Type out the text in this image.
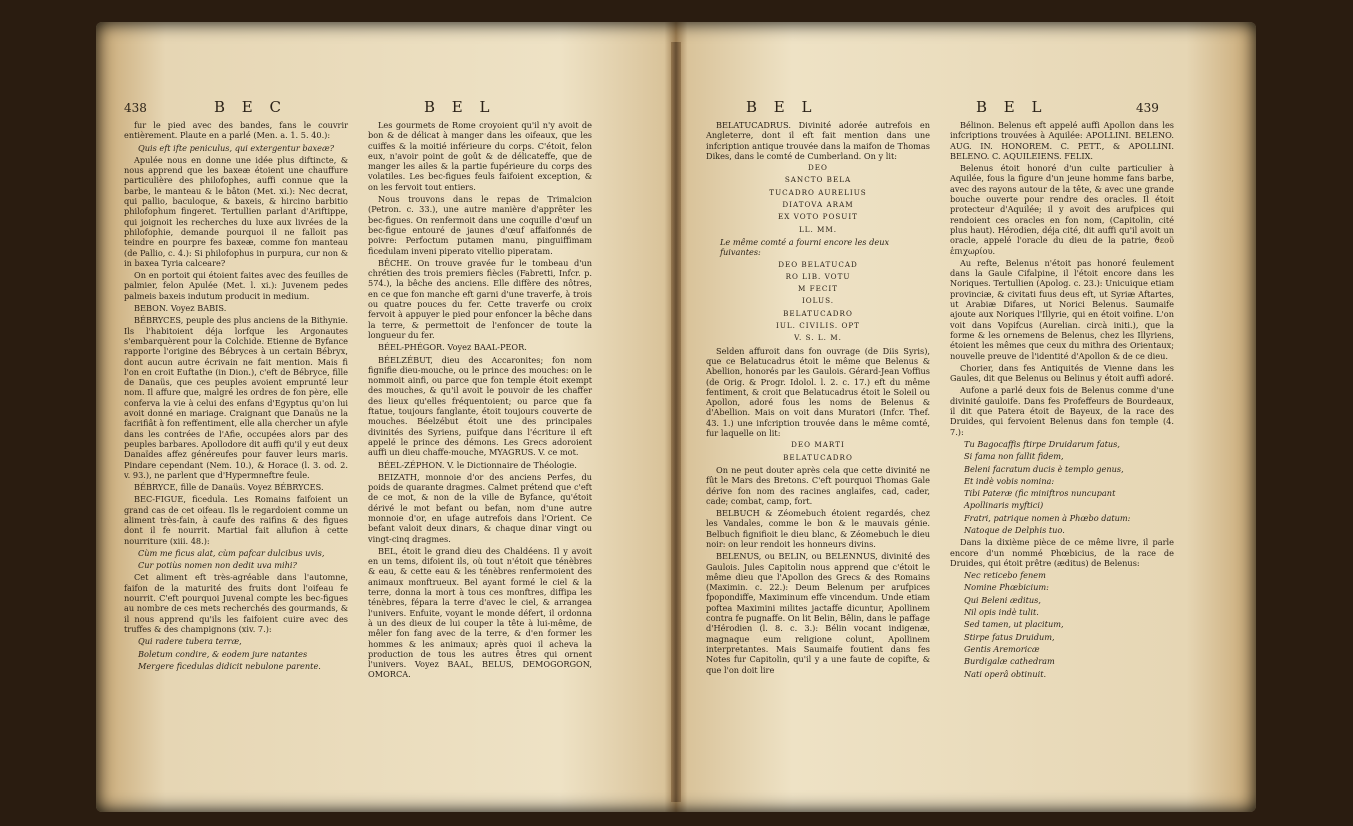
438	B E C	B E L

fur le pied avec des bandes, fans le couvrir entièrement. Plaute en a parlé (Men. a. 1. 5. 40.):

Quis eft ifte peniculus, qui extergentur baxeæ?

Apulée nous en donne une idée plus diftincte, & nous apprend que les baxeæ étoient une chauffure particulière des philofophes, auffi connue que la barbe, le manteau & le bâton (Met. xi.): Nec decrat, qui pallio, baculoque, & baxeis, & hircino barbitio philofophum fingeret. Tertullien parlant d'Ariftippe, qui joignoit les recherches du luxe aux livrées de la philofophie, demande pourquoi il ne falloit pas teindre en pourpre fes baxeæ, comme fon manteau (de Pallio, c. 4.): Si philofophus in purpura, cur non & in baxea Tyria calceare?

On en portoit qui étoient faites avec des feuilles de palmier, felon Apulée (Met. l. xi.): Juvenem pedes palmeis baxeis indutum producit in medium.

BEBON. Voyez BABIS.

BÉBRYCES, peuple des plus anciens de la Bithynie. Ils l'habitoient déja lorfque les Argonautes s'embarquèrent pour la Colchide. Etienne de Byfance rapporte l'origine des Bébryces à un certain Bébryx, dont aucun autre écrivain ne fait mention. Mais fi l'on en croit Euftathe (in Dion.), c'eft de Bébryce, fille de Danaüs, que ces peuples avoient emprunté leur nom. Il affure que, malgré les ordres de fon père, elle conferva la vie à celui des enfans d'Egyptus qu'on lui avoit donné en mariage. Craignant que Danaüs ne la facrifiât à fon reffentiment, elle alla chercher un afyle dans les contrées de l'Afie, occupées alors par des peuples barbares. Apollodore dit auffi qu'il y eut deux Danaïdes affez généreufes pour fauver leurs maris. Pindare cependant (Nem. 10.), & Horace (l. 3. od. 2. v. 93.), ne parlent que d'Hypermneftre feule.

BÉBRYCE, fille de Danaüs. Voyez BÉBRYCES.

BEC-FIGUE, ficedula. Les Romains faifoient un grand cas de cet oifeau. Ils le regardoient comme un aliment très-fain, à caufe des raifins & des figues dont il fe nourrit. Martial fait allufion à cette nourriture (xiii. 48.):

Cùm me ficus alat, cùm pafcar dulcibus uvis,

Cur potiùs nomen non dedit uva mihi?

Cet aliment eft très-agréable dans l'automne, faifon de la maturité des fruits dont l'oifeau fe nourrit. C'eft pourquoi Juvenal compte les bec-figues au nombre de ces mets recherchés des gourmands, & il nous apprend qu'ils les faifoient cuire avec des truffes & des champignons (xiv. 7.):

Qui radere tubera terræ,

Boletum condire, & eodem jure natantes

Mergere ficedulas didicit nebulone parente.

Les gourmets de Rome croyoient qu'il n'y avoit de bon & de délicat à manger dans les oifeaux, que les cuiffes & la moitié inférieure du corps. C'étoit, felon eux, n'avoir point de goût & de délicateffe, que de manger les ailes & la partie fupérieure du corps des volatiles. Les bec-figues feuls faifoient exception, & on les fervoit tout entiers.

Nous trouvons dans le repas de Trimalcion (Petron. c. 33.), une autre manière d'apprêter les bec-figues. On renfermoit dans une coquille d'œuf un bec-figue entouré de jaunes d'œuf affaifonnés de poivre: Perfoctum putamen manu, pinguiffimam ficedulam inveni piperato vitellio piperatam.

BÊCHE. On trouve gravée fur le tombeau d'un chrétien des trois premiers fiècles (Fabretti, Infcr. p. 574.), la bêche des anciens. Elle diffère des nôtres, en ce que fon manche eft garni d'une traverfe, à trois ou quatre pouces du fer. Cette traverfe ou croix fervoit à appuyer le pied pour enfoncer la bêche dans la terre, & permettoit de l'enfoncer de toute la longueur du fer.

BÉEL-PHÉGOR. Voyez BAAL-PEOR.

BÉELZÉBUT, dieu des Accaronites; fon nom fignifie dieu-mouche, ou le prince des mouches: on le nommoit ainfi, ou parce que fon temple étoit exempt des mouches, & qu'il avoit le pouvoir de les chaffer des lieux qu'elles fréquentoient; ou parce que fa ftatue, toujours fanglante, étoit toujours couverte de mouches. Béelzébut étoit une des principales divinités des Syriens, puifque dans l'écriture il eft appelé le prince des démons. Les Grecs adoroient auffi un dieu chaffe-mouche, MYAGRUS. V. ce mot.

BÉEL-ZÉPHON. V. le Dictionnaire de Théologie.

BEIZATH, monnoie d'or des anciens Perfes, du poids de quarante dragmes. Calmet prétend que c'eft de ce mot, & non de la ville de Byfance, qu'étoit dérivé le mot befant ou befan, nom d'une autre monnoie d'or, en ufage autrefois dans l'Orient. Ce befant valoit deux dinars, & chaque dinar vingt ou vingt-cinq dragmes.

BEL, étoit le grand dieu des Chaldéens. Il y avoit en un tems, difoient ils, où tout n'étoit que ténèbres & eau, & cette eau & les ténèbres renfermoient des animaux monftrueux. Bel ayant formé le ciel & la terre, donna la mort à tous ces monftres, diffipa les ténèbres, fépara la terre d'avec le ciel, & arrangea l'univers. Enfuite, voyant le monde défert, il ordonna à un des dieux de lui couper la tête à lui-même, de mêler fon fang avec de la terre, & d'en former les hommes & les animaux; après quoi il acheva la production de tous les autres êtres qui ornent l'univers. Voyez BAAL, BELUS, DEMOGORGON, OMORCA.

B E L	B E L	439

BELATUCADRUS. Divinité adorée autrefois en Angleterre, dont il eft fait mention dans une infcription antique trouvée dans la maifon de Thomas Dikes, dans le comté de Cumberland. On y lit:

DEO

SANCTO BELA

TUCADRO AURELIUS

DIATOVA ARAM

EX VOTO POSUIT

LL. MM.

Le même comté a fourni encore les deux fuivantes:

DEO BELATUCAD

RO LIB. VOTU

M FECIT

IOLUS.

BELATUCADRO

IUL. CIVILIS. OPT

V. S. L. M.

Selden affuroit dans fon ouvrage (de Diis Syris), que ce Belatucadrus étoit le même que Belenus & Abellion, honorés par les Gaulois. Gérard-Jean Voffius (de Orig. & Progr. Idolol. l. 2. c. 17.) eft du même fentiment, & croit que Belatucadrus étoit le Soleil ou Apollon, adoré fous les noms de Belenus & d'Abellion. Mais on voit dans Muratori (Infcr. Thef. 43. 1.) une infcription trouvée dans le même comté, fur laquelle on lit:

DEO MARTI

BELATUCADRO

On ne peut douter après cela que cette divinité ne fût le Mars des Bretons. C'eft pourquoi Thomas Gale dérive fon nom des racines anglaifes, cad, cader, cade; combat, camp, fort.

BELBUCH & Zéomebuch étoient regardés, chez les Vandales, comme le bon & le mauvais génie. Belbuch fignifioit le dieu blanc, & Zéomebuch le dieu noir: on leur rendoit les honneurs divins.

BELENUS, ou BELIN, ou BELENNUS, divinité des Gaulois. Jules Capitolin nous apprend que c'étoit le même dieu que l'Apollon des Grecs & des Romains (Maximin. c. 22.): Deum Belenum per arufpices fpopondiffe, Maximinum effe vincendum. Unde etiam poftea Maximini milites jactaffe dicuntur, Apollinem contra fe pugnaffe. On lit Belin, Bêlin, dans le paffage d'Hérodien (l. 8. c. 3.): Bélin vocant indigenæ, magnaque eum religione colunt, Apollinem interpretantes. Mais Saumaife foutient dans fes Notes fur Capitolin, qu'il y a une faute de copifte, & que l'on doit lire

Bélinon. Belenus eft appelé auffi Apollon dans les infcriptions trouvées à Aquilée: APOLLINI. BELENO. AUG. IN. HONOREM. C. PETT., & APOLLINI. BELENO. C. AQUILEIENS. FELIX.

Belenus étoit honoré d'un culte particulier à Aquilée, fous la figure d'un jeune homme fans barbe, avec des rayons autour de la tête, & avec une grande bouche ouverte pour rendre des oracles. Il étoit protecteur d'Aquilée; il y avoit des arufpices qui rendoient ces oracles en fon nom, (Capitolin, cité plus haut). Hérodien, déja cité, dit auffi qu'il avoit un oracle, appelé l'oracle du dieu de la patrie, ϑεοῦ ἐπιχωρίου.

Au refte, Belenus n'étoit pas honoré feulement dans la Gaule Cifalpine, il l'étoit encore dans les Noriques. Tertullien (Apolog. c. 23.): Unicuique etiam provinciæ, & civitati fuus deus eft, ut Syriæ Aftartes, ut Arabiæ Difares, ut Norici Belenus. Saumaife ajoute aux Noriques l'Illyrie, qui en étoit voifine. L'on voit dans Vopifcus (Aurelian. circà initi.), que la forme & les ornemens de Belenus, chez les Illyriens, étoient les mêmes que ceux du mithra des Orientaux; nouvelle preuve de l'identité d'Apollon & de ce dieu.

Chorier, dans fes Antiquités de Vienne dans les Gaules, dit que Belenus ou Belinus y étoit auffi adoré.

Aufone a parlé deux fois de Belenus comme d'une divinité gauloife. Dans fes Profeffeurs de Bourdeaux, il dit que Patera étoit de Bayeux, de la race des Druides, qui fervoient Belenus dans fon temple (4. 7.):

Tu Bagocaffis ftirpe Druidarum fatus,

Si fama non fallit fidem,

Beleni facratum ducis è templo genus,

Et indè vobis nomina:

Tibi Pateræ (fic miniftros nuncupant

Apollinaris myftici)

Fratri, patrique nomen à Phœbo datum:

Natoque de Delphis tuo.

Dans la dixième pièce de ce même livre, il parle encore d'un nommé Phœbicius, de la race de Druides, qui étoit prêtre (æditus) de Belenus:

Nec reticebo fenem

Nomine Phœbicium:

Qui Beleni æditus,

Nil opis indè tulit.

Sed tamen, ut placitum,

Stirpe fatus Druidum,

Gentis Aremoricæ

Burdigalæ cathedram

Nati operâ obtinuit.
